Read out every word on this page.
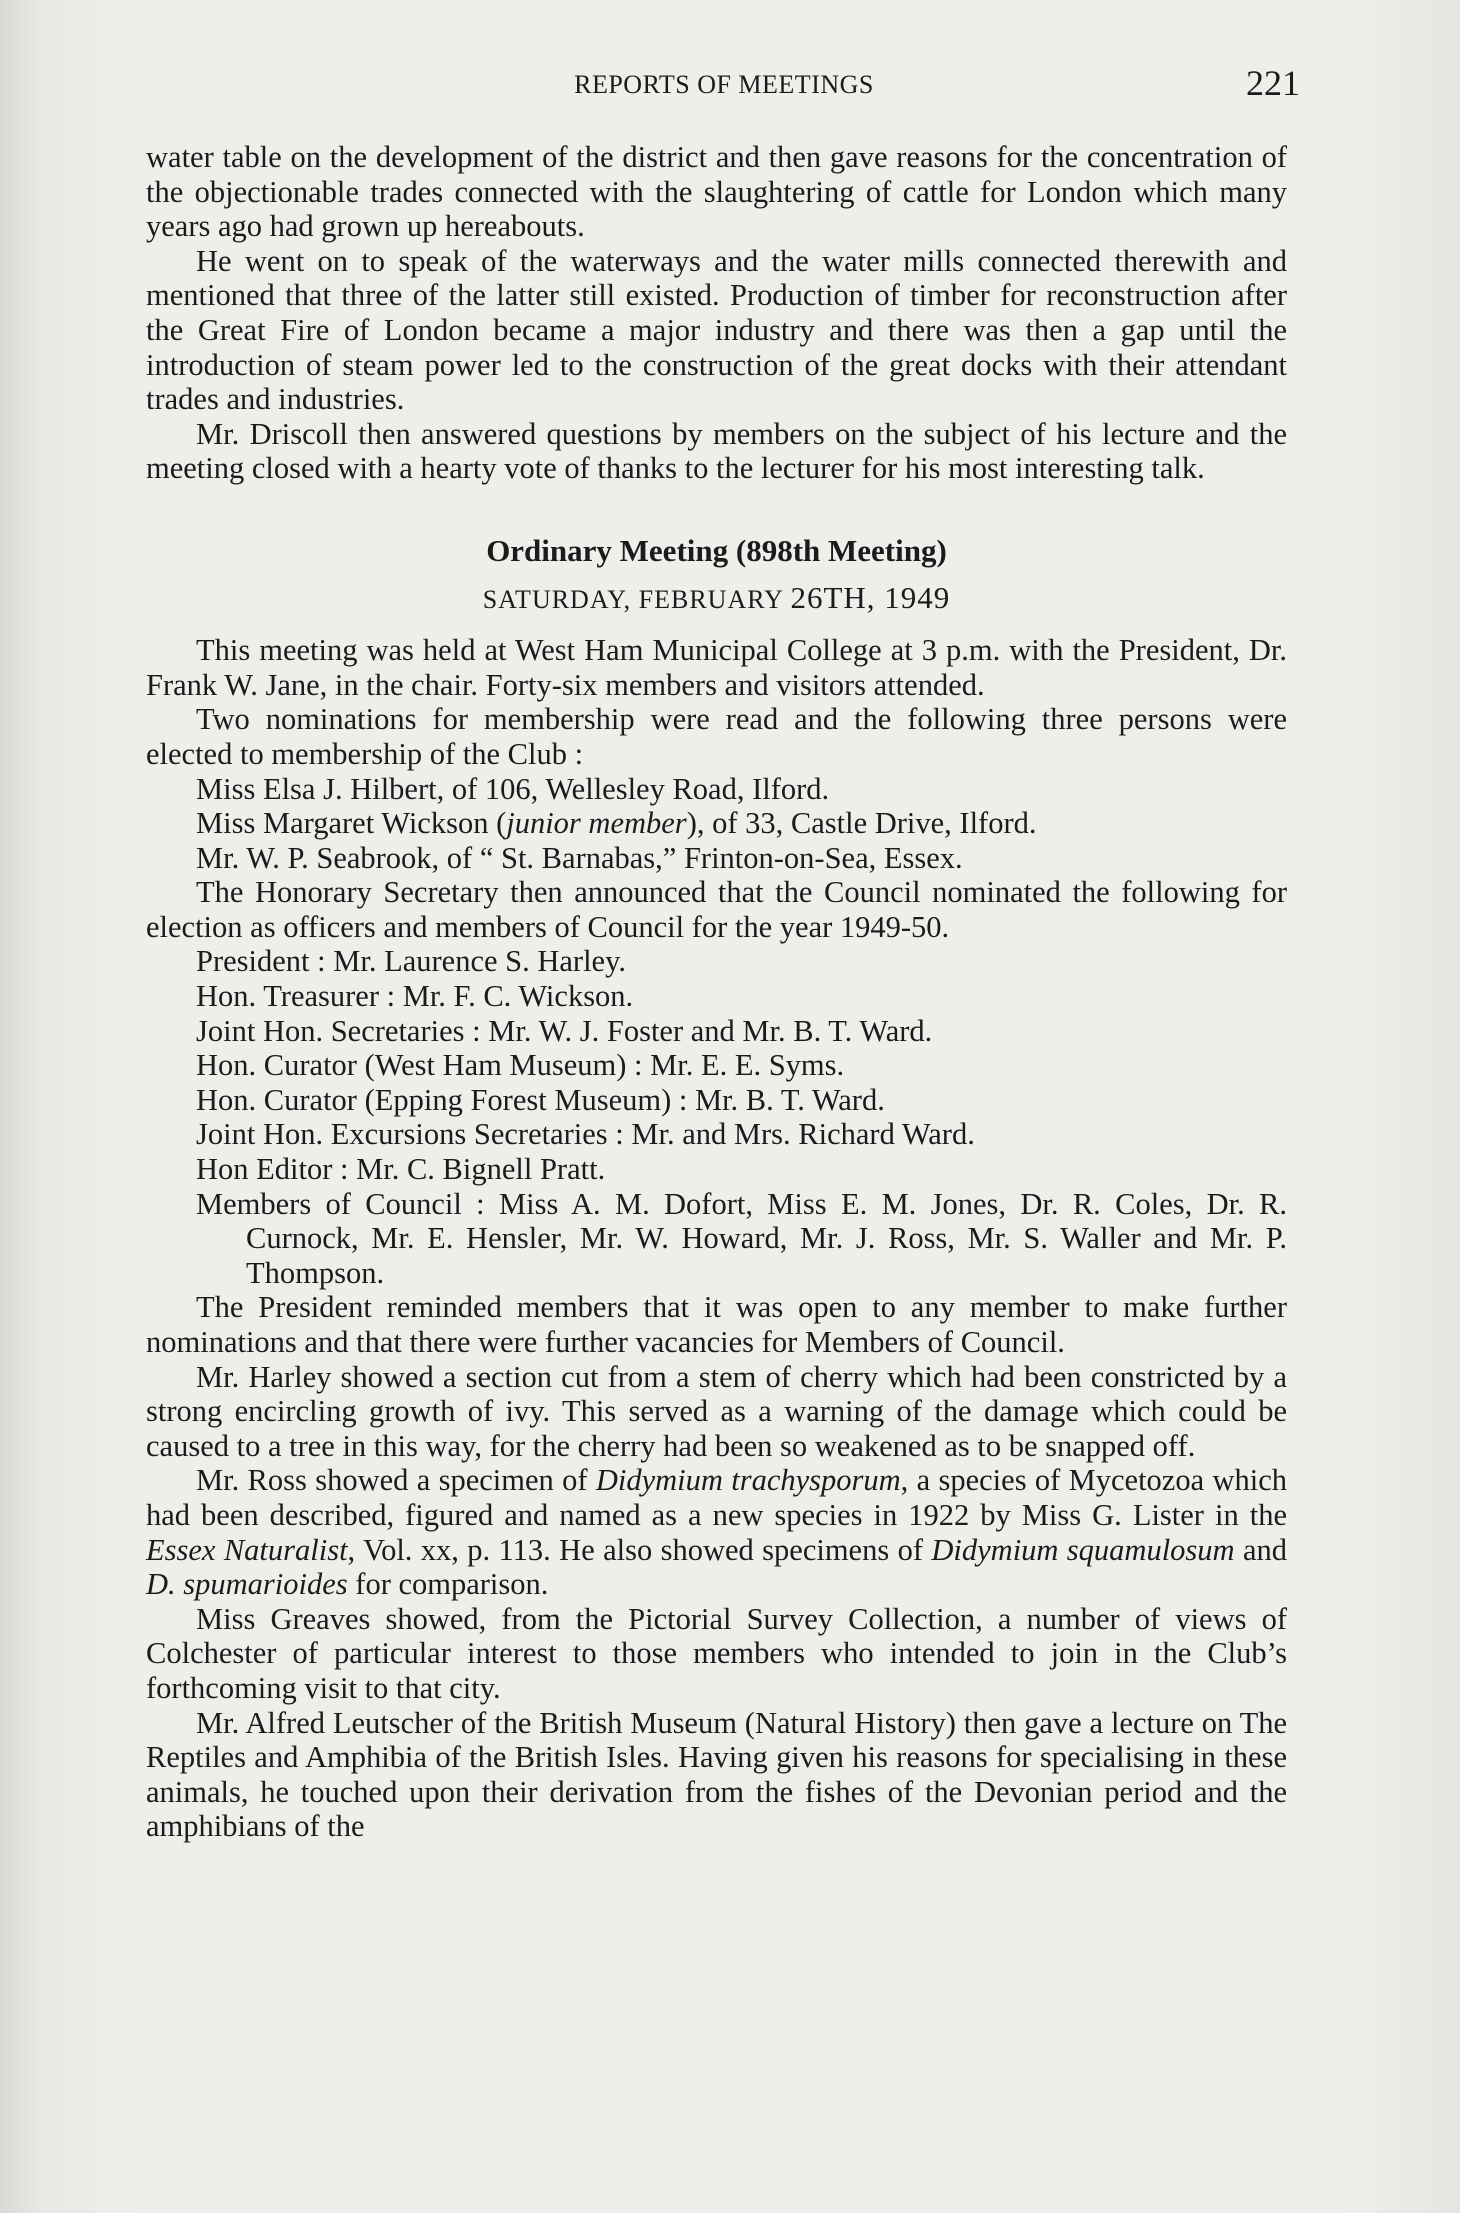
REPORTS OF MEETINGS	221

water table on the development of the district and then gave reasons for the concentration of the objectionable trades connected with the slaughtering of cattle for London which many years ago had grown up hereabouts.

He went on to speak of the waterways and the water mills connected therewith and mentioned that three of the latter still existed. Production of timber for reconstruction after the Great Fire of London became a major industry and there was then a gap until the introduction of steam power led to the construction of the great docks with their attendant trades and industries.

Mr. Driscoll then answered questions by members on the subject of his lecture and the meeting closed with a hearty vote of thanks to the lecturer for his most interesting talk.

Ordinary Meeting (898th Meeting)

SATURDAY, FEBRUARY 26TH, 1949

This meeting was held at West Ham Municipal College at 3 p.m. with the President, Dr. Frank W. Jane, in the chair. Forty-six members and visitors attended.

Two nominations for membership were read and the following three persons were elected to membership of the Club :

Miss Elsa J. Hilbert, of 106, Wellesley Road, Ilford.

Miss Margaret Wickson (junior member), of 33, Castle Drive, Ilford.

Mr. W. P. Seabrook, of “ St. Barnabas,” Frinton-on-Sea, Essex.

The Honorary Secretary then announced that the Council nominated the following for election as officers and members of Council for the year 1949-50.

President : Mr. Laurence S. Harley.

Hon. Treasurer : Mr. F. C. Wickson.

Joint Hon. Secretaries : Mr. W. J. Foster and Mr. B. T. Ward.

Hon. Curator (West Ham Museum) : Mr. E. E. Syms.

Hon. Curator (Epping Forest Museum) : Mr. B. T. Ward.

Joint Hon. Excursions Secretaries : Mr. and Mrs. Richard Ward.

Hon Editor : Mr. C. Bignell Pratt.

Members of Council : Miss A. M. Dofort, Miss E. M. Jones, Dr. R. Coles, Dr. R. Curnock, Mr. E. Hensler, Mr. W. Howard, Mr. J. Ross, Mr. S. Waller and Mr. P. Thompson.

The President reminded members that it was open to any member to make further nominations and that there were further vacancies for Members of Council.

Mr. Harley showed a section cut from a stem of cherry which had been constricted by a strong encircling growth of ivy. This served as a warning of the damage which could be caused to a tree in this way, for the cherry had been so weakened as to be snapped off.

Mr. Ross showed a specimen of Didymium trachysporum, a species of Mycetozoa which had been described, figured and named as a new species in 1922 by Miss G. Lister in the Essex Naturalist, Vol. xx, p. 113. He also showed specimens of Didymium squamulosum and D. spumarioides for comparison.

Miss Greaves showed, from the Pictorial Survey Collection, a number of views of Colchester of particular interest to those members who intended to join in the Club’s forthcoming visit to that city.

Mr. Alfred Leutscher of the British Museum (Natural History) then gave a lecture on The Reptiles and Amphibia of the British Isles. Having given his reasons for specialising in these animals, he touched upon their derivation from the fishes of the Devonian period and the amphibians of the
